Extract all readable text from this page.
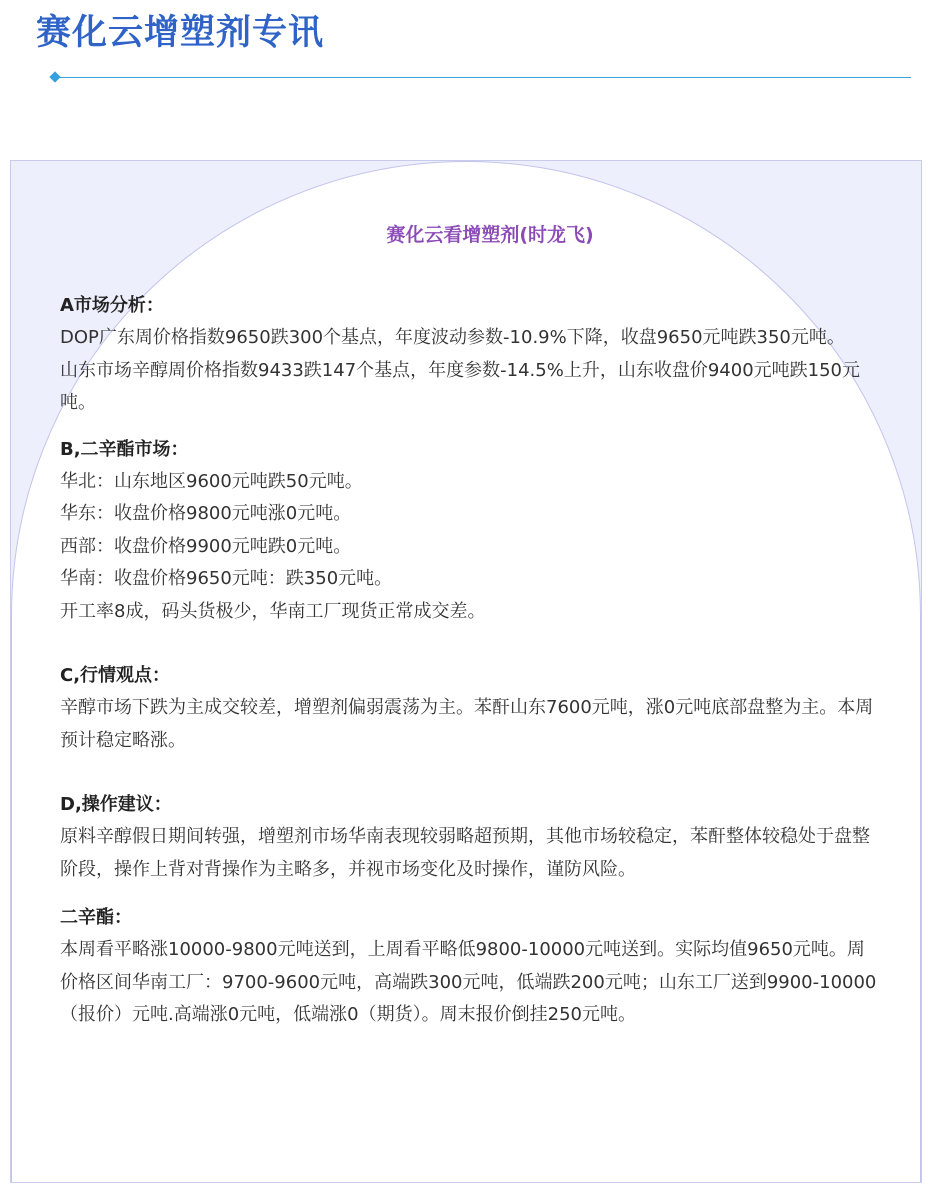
赛化云增塑剂专讯
赛化云看增塑剂(时龙飞)

A市场分析：

DOP广东周价格指数9650跌300个基点，年度波动参数-10.9%下降，收盘9650元吨跌350元吨。

山东市场辛醇周价格指数9433跌147个基点，年度参数-14.5%上升，山东收盘价9400元吨跌150元吨。

B,二辛酯市场：

华北：山东地区9600元吨跌50元吨。

华东：收盘价格9800元吨涨0元吨。

西部：收盘价格9900元吨跌0元吨。

华南：收盘价格9650元吨：跌350元吨。

开工率8成，码头货极少，华南工厂现货正常成交差。

C,行情观点：

辛醇市场下跌为主成交较差，增塑剂偏弱震荡为主。苯酐山东7600元吨，涨0元吨底部盘整为主。本周预计稳定略涨。

D,操作建议：

原料辛醇假日期间转强，增塑剂市场华南表现较弱略超预期，其他市场较稳定，苯酐整体较稳处于盘整阶段，操作上背对背操作为主略多，并视市场变化及时操作，谨防风险。

二辛酯：

本周看平略涨10000-9800元吨送到，上周看平略低9800-10000元吨送到。实际均值9650元吨。周价格区间华南工厂：9700-9600元吨，高端跌300元吨，低端跌200元吨；山东工厂送到9900-10000（报价）元吨.高端涨0元吨，低端涨0（期货）。周末报价倒挂250元吨。
